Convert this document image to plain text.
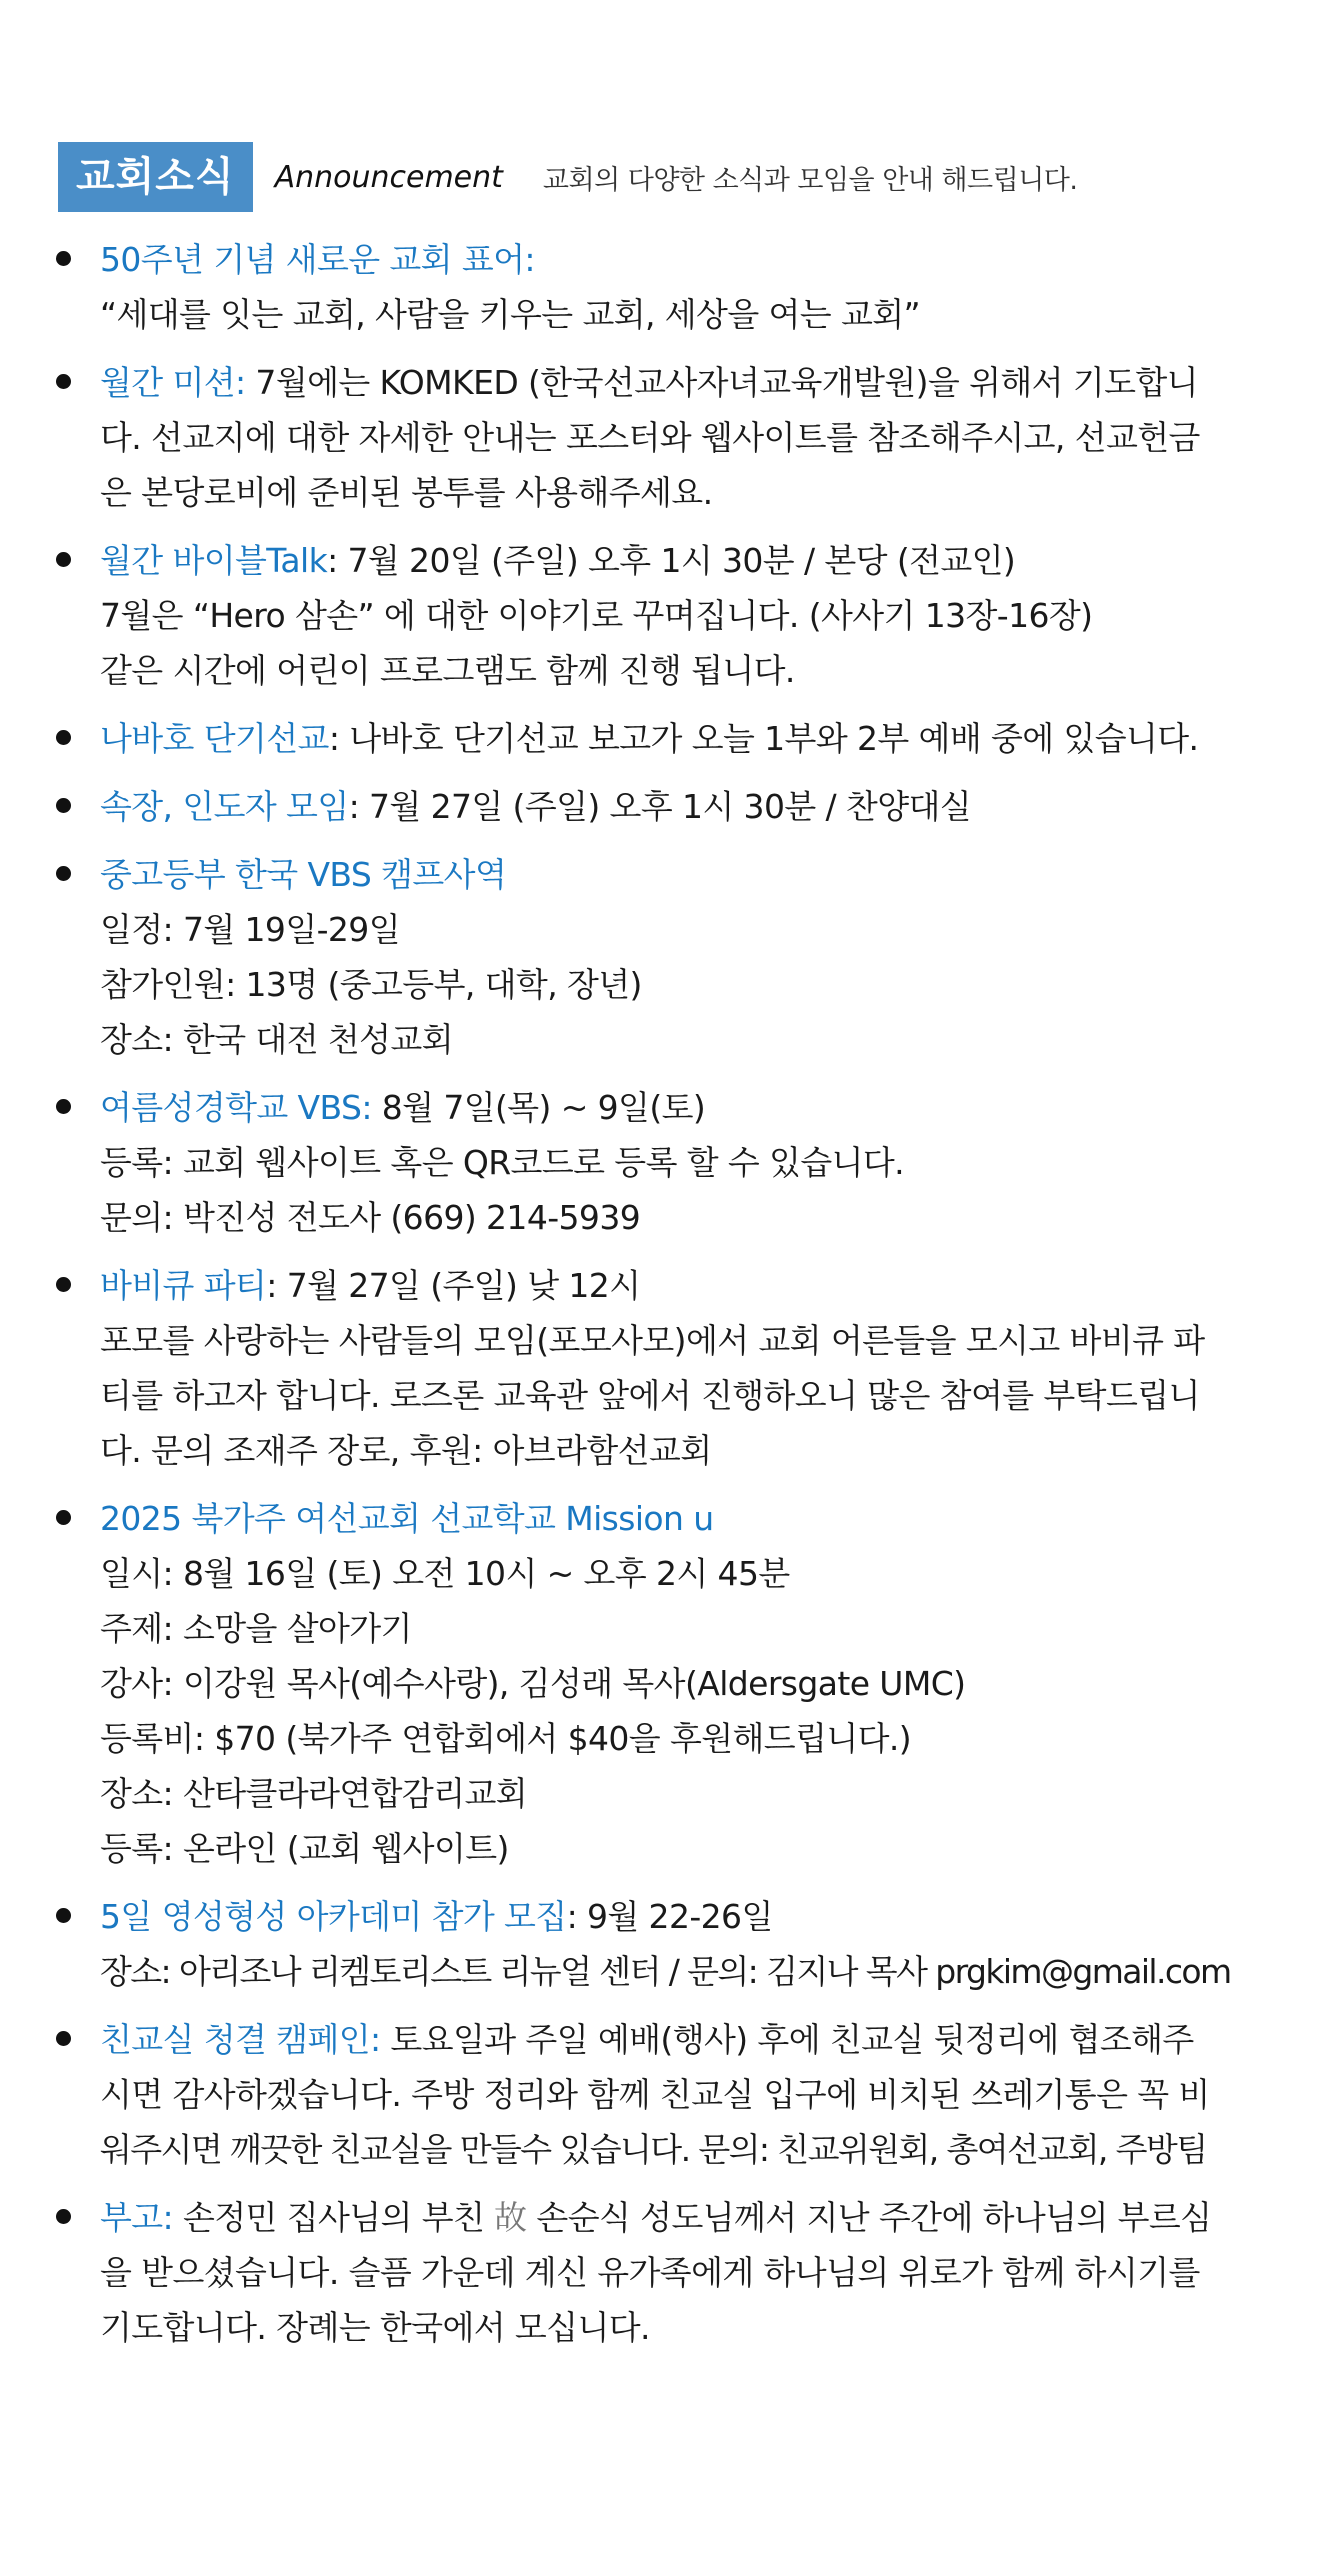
교회소식	Announcement 교회의 다양한 소식과 모임을 안내 해드립니다.
50주년 기념 새로운 교회 표어:
“세대를 잇는 교회, 사람을 키우는 교회, 세상을 여는 교회”
월간 미션: 7월에는 KOMKED (한국선교사자녀교육개발원)을 위해서 기도합니
다. 선교지에 대한 자세한 안내는 포스터와 웹사이트를 참조해주시고, 선교헌금
은 본당로비에 준비된 봉투를 사용해주세요.
월간 바이블Talk: 7월 20일 (주일) 오후 1시 30분 / 본당 (전교인)
7월은 “Hero 삼손” 에 대한 이야기로 꾸며집니다. (사사기 13장-16장)
같은 시간에 어린이 프로그램도 함께 진행 됩니다.
나바호 단기선교: 나바호 단기선교 보고가 오늘 1부와 2부 예배 중에 있습니다.
속장, 인도자 모임: 7월 27일 (주일) 오후 1시 30분 / 찬양대실
중고등부 한국 VBS 캠프사역
일정: 7월 19일-29일
참가인원: 13명 (중고등부, 대학, 장년)
장소: 한국 대전 천성교회
여름성경학교 VBS: 8월 7일(목) ~ 9일(토)
등록: 교회 웹사이트 혹은 QR코드로 등록 할 수 있습니다.
문의: 박진성 전도사 (669) 214-5939
바비큐 파티: 7월 27일 (주일) 낮 12시
포모를 사랑하는 사람들의 모임(포모사모)에서 교회 어른들을 모시고 바비큐 파
티를 하고자 합니다. 로즈론 교육관 앞에서 진행하오니 많은 참여를 부탁드립니
다. 문의 조재주 장로, 후원: 아브라함선교회
2025 북가주 여선교회 선교학교 Mission u
일시: 8월 16일 (토) 오전 10시 ~ 오후 2시 45분
주제: 소망을 살아가기
강사: 이강원 목사(예수사랑), 김성래 목사(Aldersgate UMC)
등록비: $70 (북가주 연합회에서 $40을 후원해드립니다.)
장소: 산타클라라연합감리교회
등록: 온라인 (교회 웹사이트)
5일 영성형성 아카데미 참가 모집: 9월 22-26일
장소: 아리조나 리켐토리스트 리뉴얼 센터 / 문의: 김지나 목사 prgkim@gmail.com
친교실 청결 캠페인: 토요일과 주일 예배(행사) 후에 친교실 뒷정리에 협조해주
시면 감사하겠습니다. 주방 정리와 함께 친교실 입구에 비치된 쓰레기통은 꼭 비
워주시면 깨끗한 친교실을 만들수 있습니다. 문의: 친교위원회, 총여선교회, 주방팀
부고: 손정민 집사님의 부친 故 손순식 성도님께서 지난 주간에 하나님의 부르심
을 받으셨습니다. 슬픔 가운데 계신 유가족에게 하나님의 위로가 함께 하시기를
기도합니다. 장례는 한국에서 모십니다.
